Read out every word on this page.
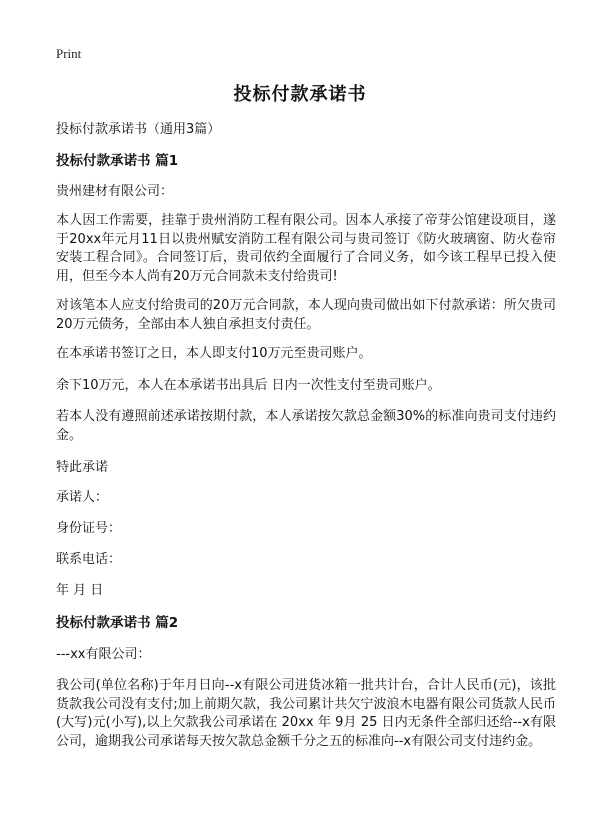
Print
投标付款承诺书
投标付款承诺书（通用3篇）
投标付款承诺书 篇1
贵州建材有限公司：
本人因工作需要，挂靠于贵州消防工程有限公司。因本人承接了帝芽公馆建设项目，遂于20xx年元月11日以贵州赋安消防工程有限公司与贵司签订《防火玻璃窗、防火卷帘安装工程合同》。合同签订后，贵司依约全面履行了合同义务，如今该工程早已投入使用，但至今本人尚有20万元合同款未支付给贵司!
对该笔本人应支付给贵司的20万元合同款，本人现向贵司做出如下付款承诺：所欠贵司20万元债务，全部由本人独自承担支付责任。
在本承诺书签订之日，本人即支付10万元至贵司账户。
余下10万元，本人在本承诺书出具后 日内一次性支付至贵司账户。
若本人没有遵照前述承诺按期付款，本人承诺按欠款总金额30%的标准向贵司支付违约金。
特此承诺
承诺人：
身份证号：
联系电话：
年 月 日
投标付款承诺书 篇2
---xx有限公司：
我公司(单位名称)于年月日向--x有限公司进货冰箱一批共计台，合计人民币(元)，该批货款我公司没有支付;加上前期欠款，我公司累计共欠宁波浪木电器有限公司货款人民币(大写)元(小写),以上欠款我公司承诺在 20xx 年 9月 25 日内无条件全部归还给--x有限公司，逾期我公司承诺每天按欠款总金额千分之五的标准向--x有限公司支付违约金。
